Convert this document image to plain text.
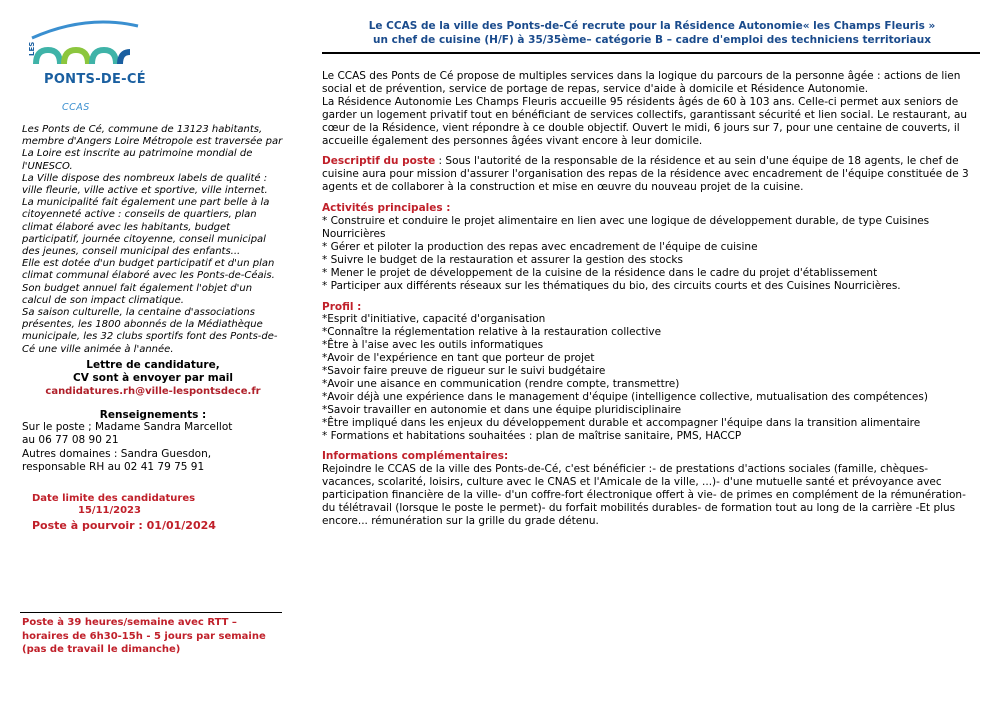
LES
PONTS-DE-CÉ
CCAS

Les Ponts de Cé, commune de 13123 habitants, membre d'Angers Loire Métropole est traversée par La Loire est inscrite au patrimoine mondial de l'UNESCO.

La Ville dispose des nombreux labels de qualité : ville fleurie, ville active et sportive, ville internet.

La municipalité fait également une part belle à la citoyenneté active : conseils de quartiers, plan climat élaboré avec les habitants, budget participatif, journée citoyenne, conseil municipal des jeunes, conseil municipal des enfants...

Elle est dotée d'un budget participatif et d'un plan climat communal élaboré avec les Ponts-de-Céais. Son budget annuel fait également l'objet d'un calcul de son impact climatique.

Sa saison culturelle, la centaine d'associations présentes, les 1800 abonnés de la Médiathèque municipale, les 32 clubs sportifs font des Ponts-de-Cé une ville animée à l'année.

Lettre de candidature,
CV sont à envoyer par mail
candidatures.rh@ville-lespontsdece.fr
Renseignements :

Sur le poste ; Madame Sandra Marcellot

au 06 77 08 90 21

Autres domaines : Sandra Guesdon,

responsable RH au 02 41 79 75 91

Date limite des candidatures
15/11/2023
Poste à pourvoir : 01/01/2024
Poste à 39 heures/semaine avec RTT – horaires de 6h30-15h - 5 jours par semaine (pas de travail le dimanche)
Le CCAS de la ville des Ponts-de-Cé recrute pour la Résidence Autonomie« les Champs Fleuris »
un chef de cuisine (H/F) à 35/35ème– catégorie B – cadre d'emploi des techniciens territoriaux

Le CCAS des Ponts de Cé propose de multiples services dans la logique du parcours de la personne âgée : actions de lien social et de prévention, service de portage de repas, service d'aide à domicile et Résidence Autonomie.

La Résidence Autonomie Les Champs Fleuris accueille 95 résidents âgés de 60 à 103 ans. Celle-ci permet aux seniors de garder un logement privatif tout en bénéficiant de services collectifs, garantissant sécurité et lien social. Le restaurant, au cœur de la Résidence, vient répondre à ce double objectif. Ouvert le midi, 6 jours sur 7, pour une centaine de couverts, il accueille également des personnes âgées vivant encore à leur domicile.

Descriptif du poste : Sous l'autorité de la responsable de la résidence et au sein d'une équipe de 18 agents, le chef de cuisine aura pour mission d'assurer l'organisation des repas de la résidence avec encadrement de l'équipe constituée de 3 agents et de collaborer à la construction et mise en œuvre du nouveau projet de la cuisine.

Activités principales :

* Construire et conduire le projet alimentaire en lien avec une logique de développement durable, de type Cuisines Nourricières

* Gérer et piloter la production des repas avec encadrement de l'équipe de cuisine

* Suivre le budget de la restauration et assurer la gestion des stocks

* Mener le projet de développement de la cuisine de la résidence dans le cadre du projet d'établissement

* Participer aux différents réseaux sur les thématiques du bio, des circuits courts et des Cuisines Nourricières.

Profil :

*Esprit d'initiative, capacité d'organisation

*Connaître la réglementation relative à la restauration collective

*Être à l'aise avec les outils informatiques

*Avoir de l'expérience en tant que porteur de projet

*Savoir faire preuve de rigueur sur le suivi budgétaire

*Avoir une aisance en communication (rendre compte, transmettre)

*Avoir déjà une expérience dans le management d'équipe (intelligence collective, mutualisation des compétences)

*Savoir travailler en autonomie et dans une équipe pluridisciplinaire

*Être impliqué dans les enjeux du développement durable et accompagner l'équipe dans la transition alimentaire

* Formations et habitations souhaitées : plan de maîtrise sanitaire, PMS, HACCP

Informations complémentaires:

Rejoindre le CCAS de la ville des Ponts-de-Cé, c'est bénéficier :- de prestations d'actions sociales (famille, chèques-vacances, scolarité, loisirs, culture avec le CNAS et l'Amicale de la ville, ...)- d'une mutuelle santé et prévoyance avec participation financière de la ville- d'un coffre-fort électronique offert à vie- de primes en complément de la rémunération- du télétravail (lorsque le poste le permet)- du forfait mobilités durables- de formation tout au long de la carrière -Et plus encore... rémunération sur la grille du grade détenu.
